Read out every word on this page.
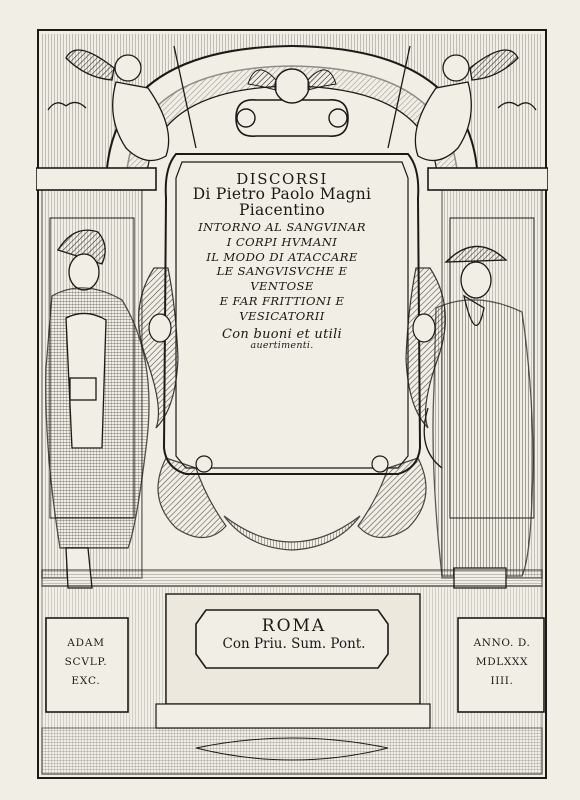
DISCORSI
Di Pietro Paolo Magni
Piacentino
INTORNO AL SANGVINAR
I CORPI HVMANI
IL MODO DI ATACCARE
LE SANGVISVCHE E
VENTOSE
E FAR FRITTIONI E
VESICATORII
Con buoni et utili
auertimenti.
ROMA
Con Priu. Sum. Pont.
ADAM
SCVLP.
EXC.
ANNO. D.
MDLXXX
IIII.
